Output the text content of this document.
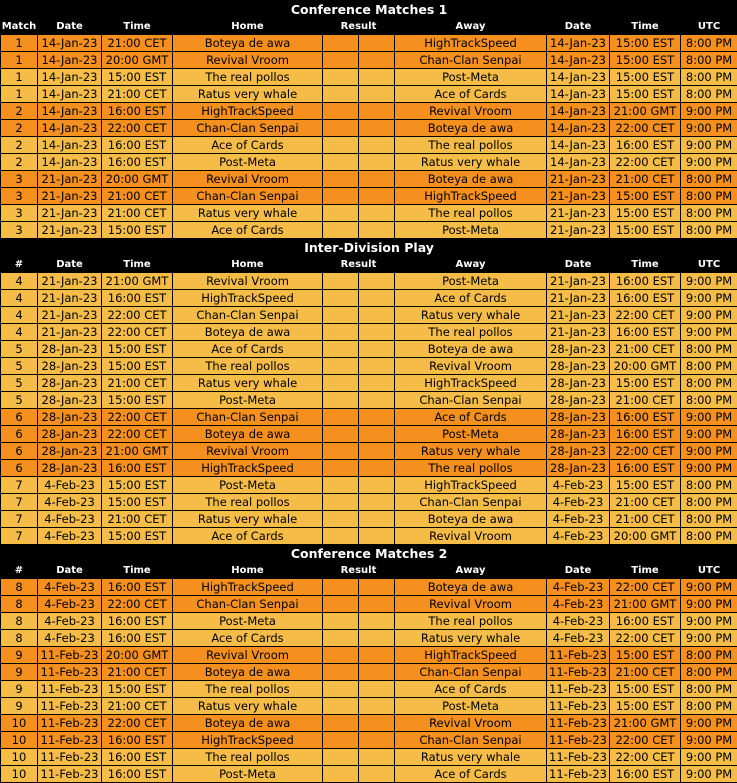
Conference Matches 1									
Match	Date	Time	Home	Result		Away	Date	Time	UTC
1	14-Jan-23	21:00 CET	Boteya de awa			HighTrackSpeed	14-Jan-23	15:00 EST	8:00 PM
1	14-Jan-23	20:00 GMT	Revival Vroom			Chan-Clan Senpai	14-Jan-23	15:00 EST	8:00 PM
1	14-Jan-23	15:00 EST	The real pollos			Post-Meta	14-Jan-23	15:00 EST	8:00 PM
1	14-Jan-23	21:00 CET	Ratus very whale			Ace of Cards	14-Jan-23	15:00 EST	8:00 PM
2	14-Jan-23	16:00 EST	HighTrackSpeed			Revival Vroom	14-Jan-23	21:00 GMT	9:00 PM
2	14-Jan-23	22:00 CET	Chan-Clan Senpai			Boteya de awa	14-Jan-23	22:00 CET	9:00 PM
2	14-Jan-23	16:00 EST	Ace of Cards			The real pollos	14-Jan-23	16:00 EST	9:00 PM
2	14-Jan-23	16:00 EST	Post-Meta			Ratus very whale	14-Jan-23	22:00 CET	9:00 PM
3	21-Jan-23	20:00 GMT	Revival Vroom			Boteya de awa	21-Jan-23	21:00 CET	8:00 PM
3	21-Jan-23	21:00 CET	Chan-Clan Senpai			HighTrackSpeed	21-Jan-23	15:00 EST	8:00 PM
3	21-Jan-23	21:00 CET	Ratus very whale			The real pollos	21-Jan-23	15:00 EST	8:00 PM
3	21-Jan-23	15:00 EST	Ace of Cards			Post-Meta	21-Jan-23	15:00 EST	8:00 PM
Inter-Division Play									
#	Date	Time	Home	Result		Away	Date	Time	UTC
4	21-Jan-23	21:00 GMT	Revival Vroom			Post-Meta	21-Jan-23	16:00 EST	9:00 PM
4	21-Jan-23	16:00 EST	HighTrackSpeed			Ace of Cards	21-Jan-23	16:00 EST	9:00 PM
4	21-Jan-23	22:00 CET	Chan-Clan Senpai			Ratus very whale	21-Jan-23	22:00 CET	9:00 PM
4	21-Jan-23	22:00 CET	Boteya de awa			The real pollos	21-Jan-23	16:00 EST	9:00 PM
5	28-Jan-23	15:00 EST	Ace of Cards			Boteya de awa	28-Jan-23	21:00 CET	8:00 PM
5	28-Jan-23	15:00 EST	The real pollos			Revival Vroom	28-Jan-23	20:00 GMT	8:00 PM
5	28-Jan-23	21:00 CET	Ratus very whale			HighTrackSpeed	28-Jan-23	15:00 EST	8:00 PM
5	28-Jan-23	15:00 EST	Post-Meta			Chan-Clan Senpai	28-Jan-23	21:00 CET	8:00 PM
6	28-Jan-23	22:00 CET	Chan-Clan Senpai			Ace of Cards	28-Jan-23	16:00 EST	9:00 PM
6	28-Jan-23	22:00 CET	Boteya de awa			Post-Meta	28-Jan-23	16:00 EST	9:00 PM
6	28-Jan-23	21:00 GMT	Revival Vroom			Ratus very whale	28-Jan-23	22:00 CET	9:00 PM
6	28-Jan-23	16:00 EST	HighTrackSpeed			The real pollos	28-Jan-23	16:00 EST	9:00 PM
7	4-Feb-23	15:00 EST	Post-Meta			HighTrackSpeed	4-Feb-23	15:00 EST	8:00 PM
7	4-Feb-23	15:00 EST	The real pollos			Chan-Clan Senpai	4-Feb-23	21:00 CET	8:00 PM
7	4-Feb-23	21:00 CET	Ratus very whale			Boteya de awa	4-Feb-23	21:00 CET	8:00 PM
7	4-Feb-23	15:00 EST	Ace of Cards			Revival Vroom	4-Feb-23	20:00 GMT	8:00 PM
Conference Matches 2									
#	Date	Time	Home	Result		Away	Date	Time	UTC
8	4-Feb-23	16:00 EST	HighTrackSpeed			Boteya de awa	4-Feb-23	22:00 CET	9:00 PM
8	4-Feb-23	22:00 CET	Chan-Clan Senpai			Revival Vroom	4-Feb-23	21:00 GMT	9:00 PM
8	4-Feb-23	16:00 EST	Post-Meta			The real pollos	4-Feb-23	16:00 EST	9:00 PM
8	4-Feb-23	16:00 EST	Ace of Cards			Ratus very whale	4-Feb-23	22:00 CET	9:00 PM
9	11-Feb-23	20:00 GMT	Revival Vroom			HighTrackSpeed	11-Feb-23	15:00 EST	8:00 PM
9	11-Feb-23	21:00 CET	Boteya de awa			Chan-Clan Senpai	11-Feb-23	21:00 CET	8:00 PM
9	11-Feb-23	15:00 EST	The real pollos			Ace of Cards	11-Feb-23	15:00 EST	8:00 PM
9	11-Feb-23	21:00 CET	Ratus very whale			Post-Meta	11-Feb-23	15:00 EST	8:00 PM
10	11-Feb-23	22:00 CET	Boteya de awa			Revival Vroom	11-Feb-23	21:00 GMT	9:00 PM
10	11-Feb-23	16:00 EST	HighTrackSpeed			Chan-Clan Senpai	11-Feb-23	22:00 CET	9:00 PM
10	11-Feb-23	16:00 EST	The real pollos			Ratus very whale	11-Feb-23	22:00 CET	9:00 PM
10	11-Feb-23	16:00 EST	Post-Meta			Ace of Cards	11-Feb-23	16:00 EST	9:00 PM
